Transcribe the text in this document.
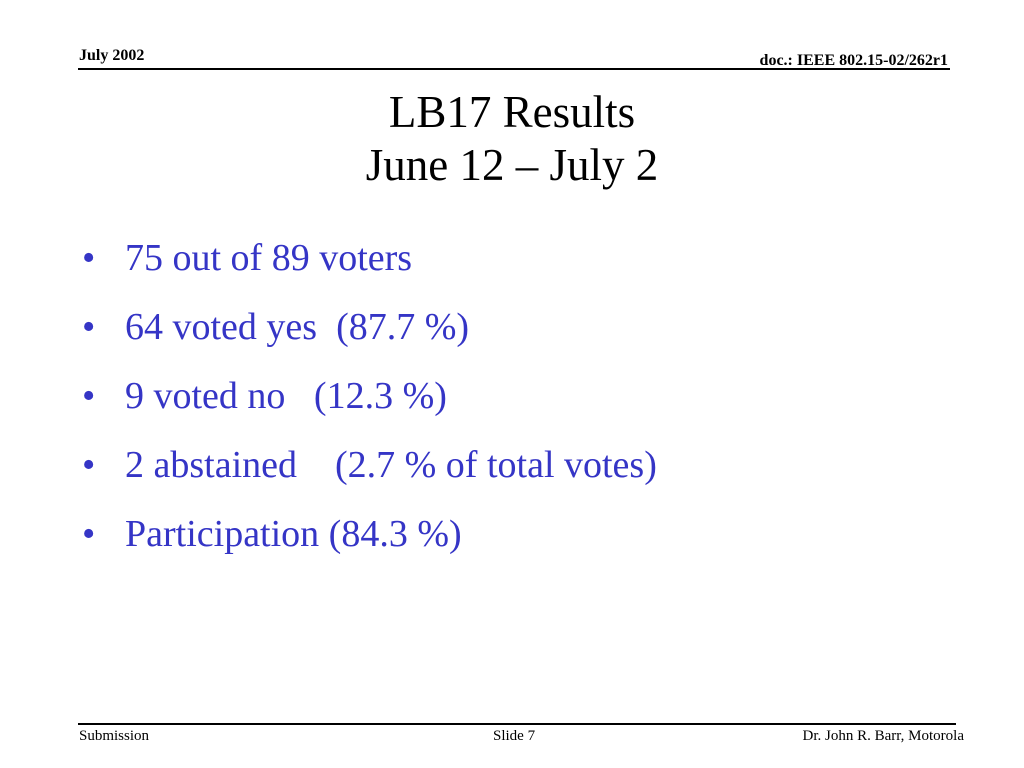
July 2002	doc.: IEEE 802.15-02/262r1
LB17 Results
June 12 – July 2

•

75 out of 89 voters

•

64 voted yes  (87.7 %)

•

9 voted no   (12.3 %)

•

2 abstained    (2.7 % of total votes)

•

Participation (84.3 %)

Submission	Slide 7	Dr. John R. Barr, Motorola
